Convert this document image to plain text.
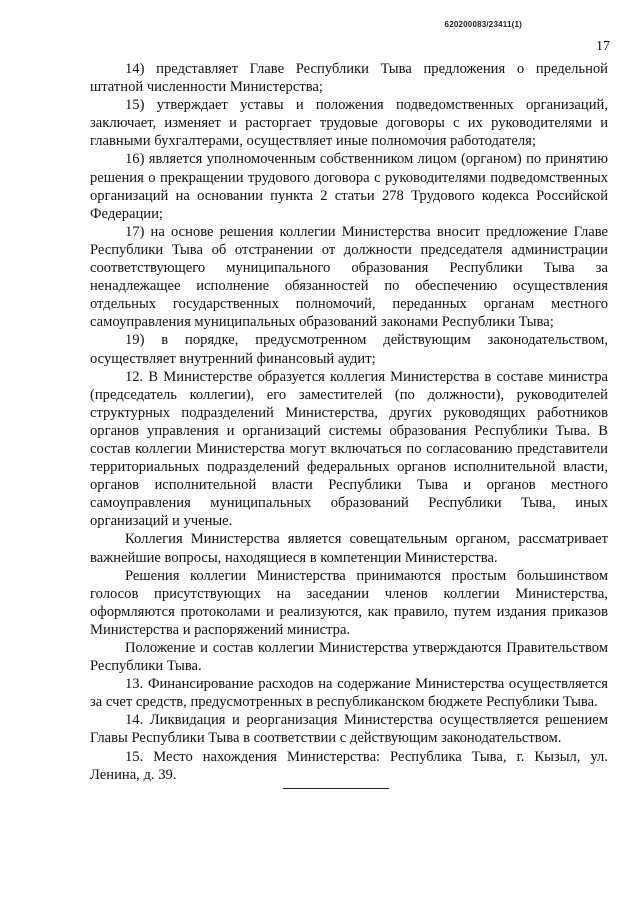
620200083/23411(1)
17

14) представляет Главе Республики Тыва предложения о предельной штатной численности Министерства;

15) утверждает уставы и положения подведомственных организаций, заключает, изменяет и расторгает трудовые договоры с их руководителями и главными бухгалтерами, осуществляет иные полномочия работодателя;

16) является уполномоченным собственником лицом (органом) по принятию решения о прекращении трудового договора с руководителями подведомственных организаций на основании пункта 2 статьи 278 Трудового кодекса Российской Федерации;

17) на основе решения коллегии Министерства вносит предложение Главе Республики Тыва об отстранении от должности председателя администрации соответствующего муниципального образования Республики Тыва за ненадлежащее исполнение обязанностей по обеспечению осуществления отдельных государственных полномочий, переданных органам местного самоуправления муниципальных образований законами Республики Тыва;

19) в порядке, предусмотренном действующим законодательством, осуществляет внутренний финансовый аудит;

12. В Министерстве образуется коллегия Министерства в составе министра (председатель коллегии), его заместителей (по должности), руководителей структурных подразделений Министерства, других руководящих работников органов управления и организаций системы образования Республики Тыва. В состав коллегии Министерства могут включаться по согласованию представители территориальных подразделений федеральных органов исполнительной власти, органов исполнительной власти Республики Тыва и органов местного самоуправления муниципальных образований Республики Тыва, иных организаций и ученые.

Коллегия Министерства является совещательным органом, рассматривает важнейшие вопросы, находящиеся в компетенции Министерства.

Решения коллегии Министерства принимаются простым большинством голосов присутствующих на заседании членов коллегии Министерства, оформляются протоколами и реализуются, как правило, путем издания приказов Министерства и распоряжений министра.

Положение и состав коллегии Министерства утверждаются Правительством Республики Тыва.

13. Финансирование расходов на содержание Министерства осуществляется за счет средств, предусмотренных в республиканском бюджете Республики Тыва.

14. Ликвидация и реорганизация Министерства осуществляется решением Главы Республики Тыва в соответствии с действующим законодательством.

15. Место нахождения Министерства: Республика Тыва, г. Кызыл, ул. Ленина, д. 39.
